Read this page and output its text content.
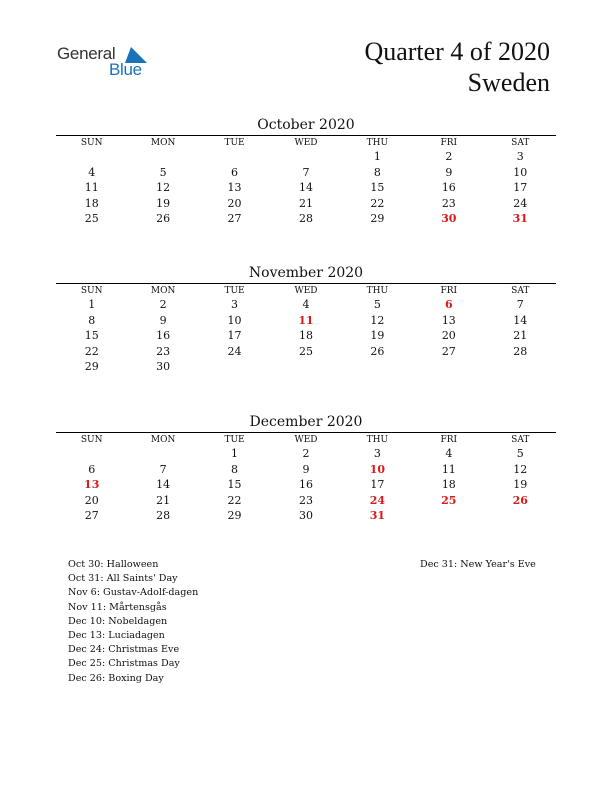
General
Blue
Quarter 4 of 2020
Sweden
October 2020
SUN	MON	TUE	WED	THU	FRI	SAT
				1	2	3
4	5	6	7	8	9	10
11	12	13	14	15	16	17
18	19	20	21	22	23	24
25	26	27	28	29	30	31
November 2020
SUN	MON	TUE	WED	THU	FRI	SAT
1	2	3	4	5	6	7
8	9	10	11	12	13	14
15	16	17	18	19	20	21
22	23	24	25	26	27	28
29	30					
December 2020
SUN	MON	TUE	WED	THU	FRI	SAT
		1	2	3	4	5
6	7	8	9	10	11	12
13	14	15	16	17	18	19
20	21	22	23	24	25	26
27	28	29	30	31		
Oct 30: Halloween
Oct 31: All Saints' Day
Nov 6: Gustav-Adolf-dagen
Nov 11: Mårtensgås
Dec 10: Nobeldagen
Dec 13: Luciadagen
Dec 24: Christmas Eve
Dec 25: Christmas Day
Dec 26: Boxing Day
Dec 31: New Year's Eve
